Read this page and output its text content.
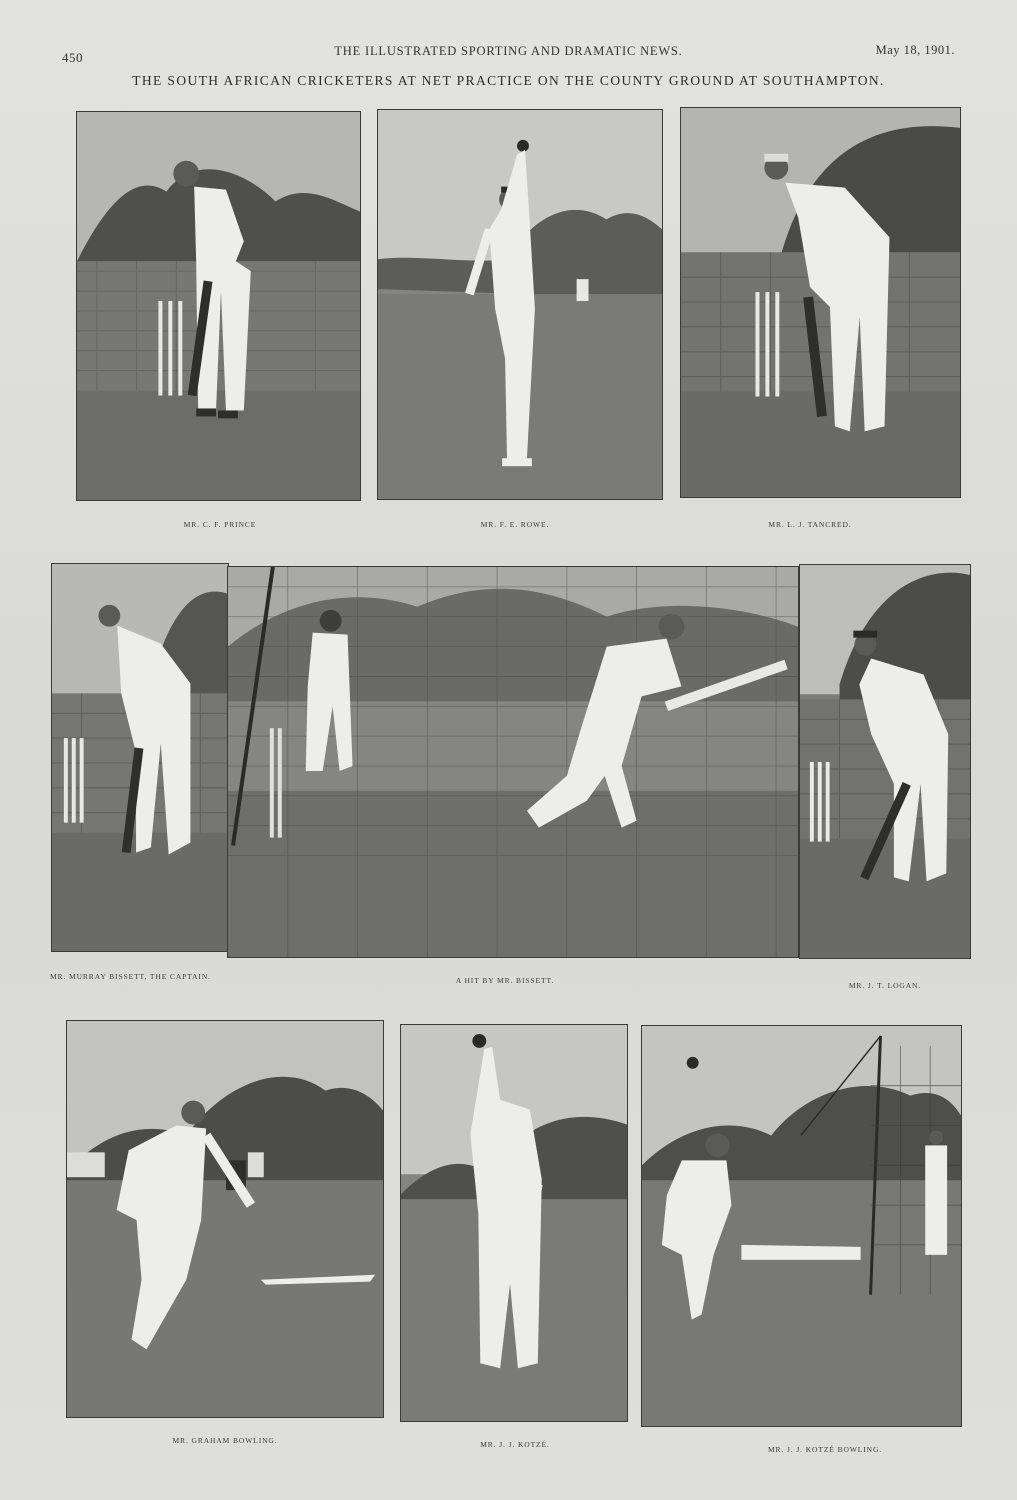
450	THE ILLUSTRATED SPORTING AND DRAMATIC NEWS.	May 18, 1901.
THE SOUTH AFRICAN CRICKETERS AT NET PRACTICE ON THE COUNTY GROUND AT SOUTHAMPTON.
MR. C. F. PRINCE	MR. F. E. ROWE.	MR. L. J. TANCRED.
MR. MURRAY BISSETT, THE CAPTAIN.	A HIT BY MR. BISSETT.
MR. J. T. LOGAN.
MR. GRAHAM BOWLING.	MR. J. J. KOTZÉ.
MR. J. J. KOTZÉ BOWLING.
